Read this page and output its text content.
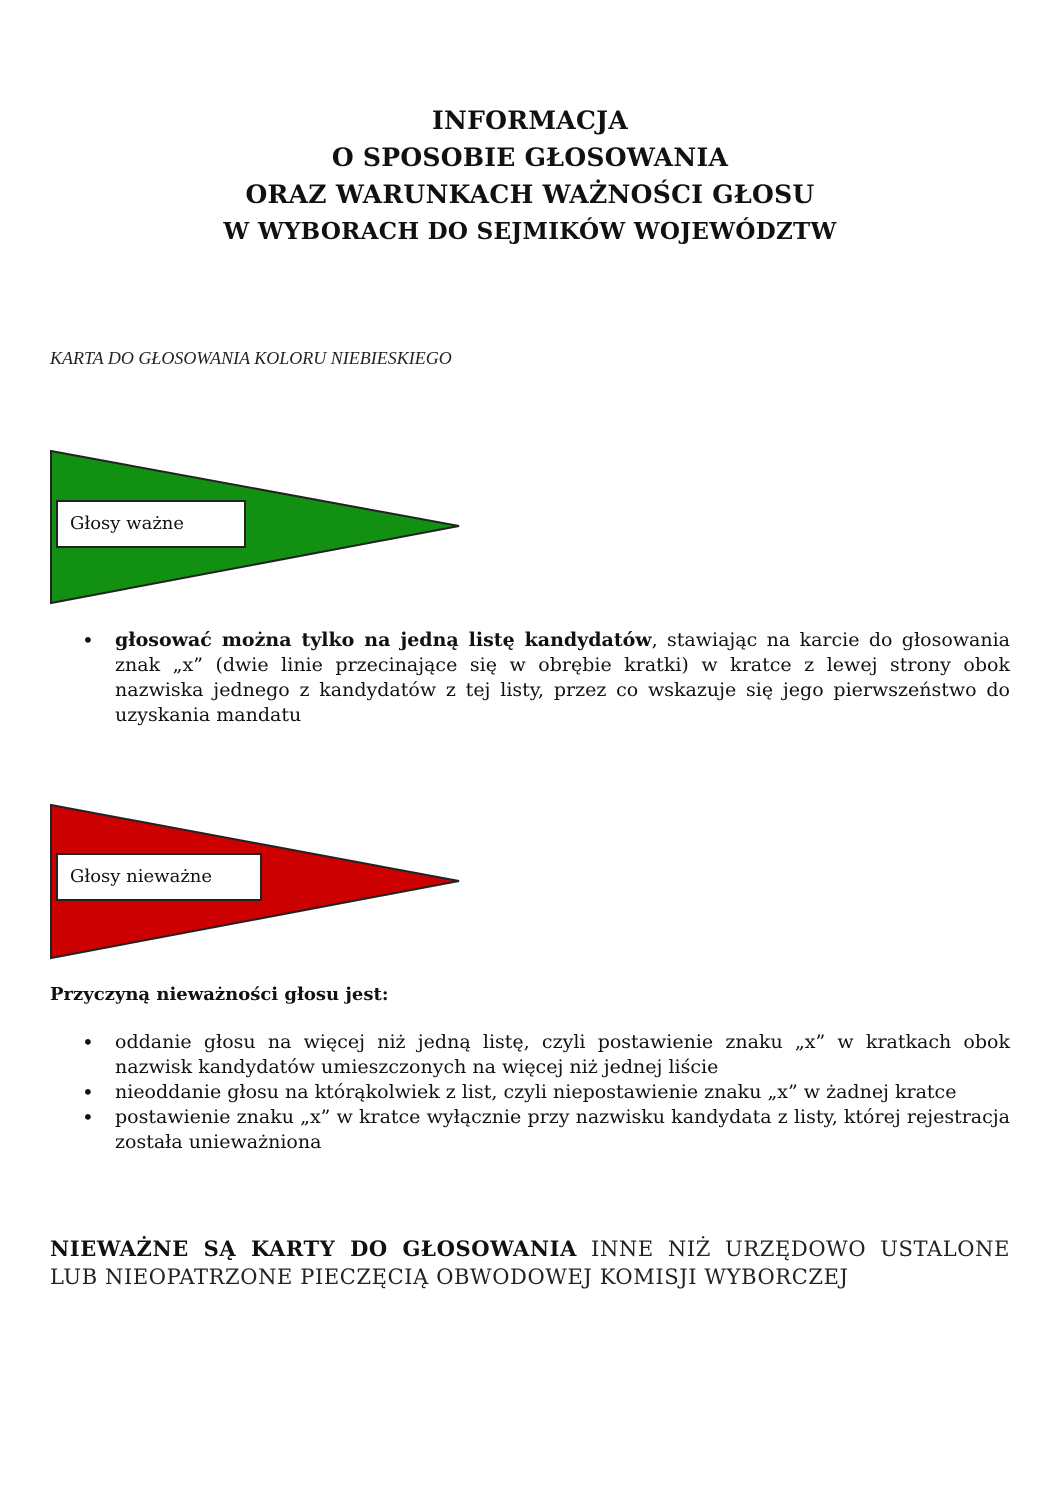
INFORMACJA
O SPOSOBIE GŁOSOWANIA
ORAZ WARUNKACH WAŻNOŚCI GŁOSU
W WYBORACH DO SEJMIKÓW WOJEWÓDZTW
KARTA DO GŁOSOWANIA KOLORU NIEBIESKIEGO
Głosy ważne
• głosować można tylko na jedną listę kandydatów, stawiając na karcie do głosowania znak „x” (dwie linie przecinające się w obrębie kratki) w kratce z lewej strony obok nazwiska jednego z kandydatów z tej listy, przez co wskazuje się jego pierwszeństwo do uzyskania mandatu
Głosy nieważne
Przyczyną nieważności głosu jest:
• oddanie głosu na więcej niż jedną listę, czyli postawienie znaku „x” w kratkach obok nazwisk kandydatów umieszczonych na więcej niż jednej liście
• nieoddanie głosu na którąkolwiek z list, czyli niepostawienie znaku „x” w żadnej kratce
• postawienie znaku „x” w kratce wyłącznie przy nazwisku kandydata z listy, której rejestracja została unieważniona
NIEWAŻNE SĄ KARTY DO GŁOSOWANIA INNE NIŻ URZĘDOWO USTALONE LUB NIEOPATRZONE PIECZĘCIĄ OBWODOWEJ KOMISJI WYBORCZEJ
